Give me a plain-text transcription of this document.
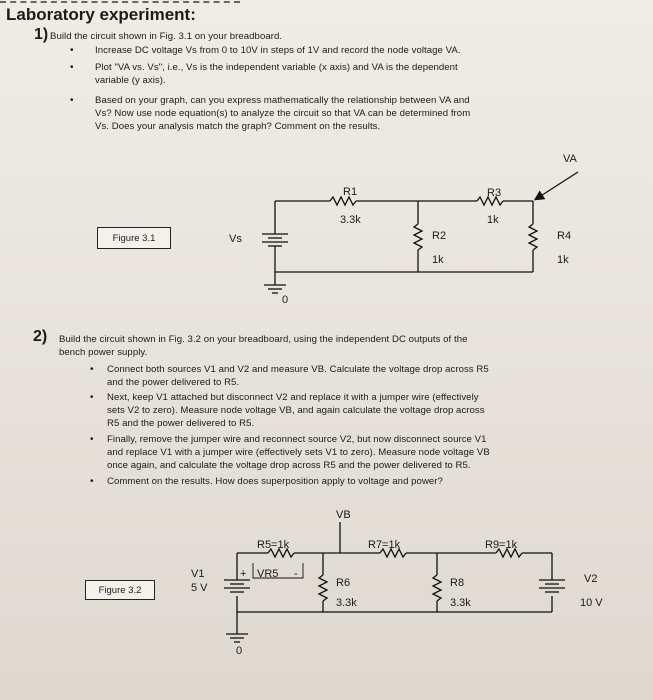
Laboratory experiment:
1) Build the circuit shown in Fig. 3.1 on your breadboard.
• Increase DC voltage Vs from 0 to 10V in steps of 1V and record the node voltage VA.
• Plot "VA vs. Vs", i.e., Vs is the independent variable (x axis) and VA is the dependent
variable (y axis).
• Based on your graph, can you express mathematically the relationship between VA and
Vs? Now use node equation(s) to analyze the circuit so that VA can be determined from
Vs. Does your analysis match the graph? Comment on the results.
Figure 3.1	Vs
VA
R1
3.3k
R2
1k
R3
1k
R4
1k
0
2) Build the circuit shown in Fig. 3.2 on your breadboard, using the independent DC outputs of the
bench power supply.
• Connect both sources V1 and V2 and measure VB. Calculate the voltage drop across R5
and the power delivered to R5.
• Next, keep V1 attached but disconnect V2 and replace it with a jumper wire (effectively
sets V2 to zero). Measure node voltage VB, and again calculate the voltage drop across
R5 and the power delivered to R5.
• Finally, remove the jumper wire and reconnect source V2, but now disconnect source V1
and replace V1 with a jumper wire (effectively sets V1 to zero). Measure node voltage VB
once again, and calculate the voltage drop across R5 and the power delivered to R5.
• Comment on the results. How does superposition apply to voltage and power?
Figure 3.2
VB
R5=1k	R7=1k	R9=1k
+ VR5 -
V1
5 V	R6
3.3k
R8
3.3k
V2
10 V
0
